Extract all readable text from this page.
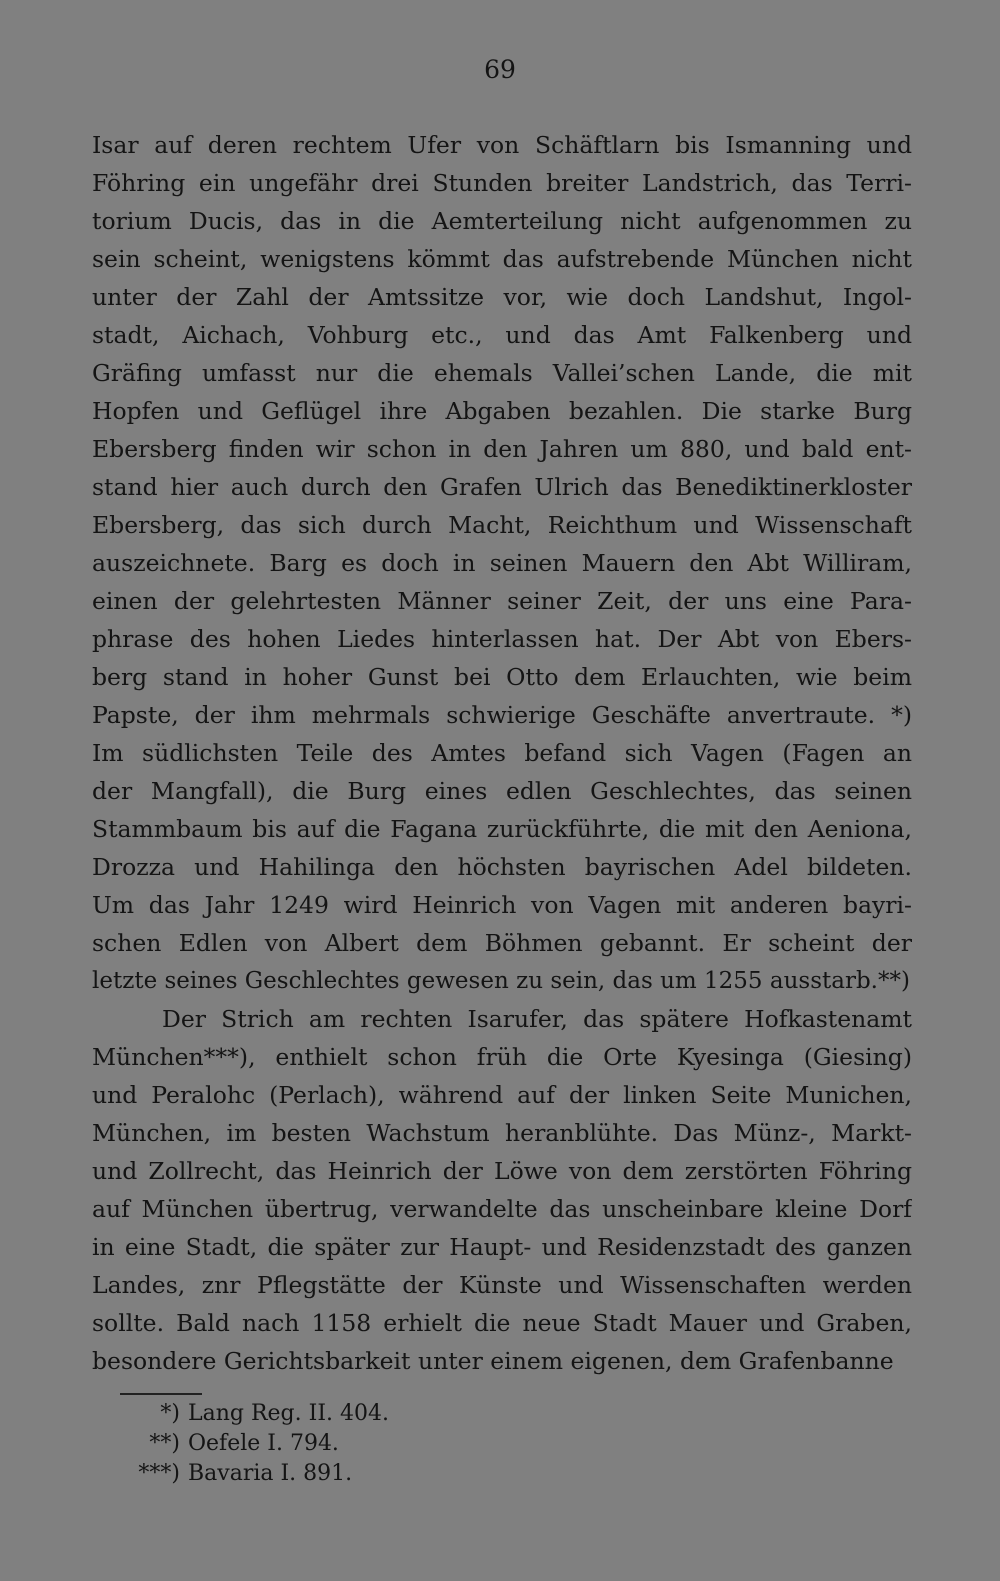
69
Isar auf deren rechtem Ufer von Schäftlarn bis Ismanning und
Föhring ein ungefähr drei Stunden breiter Landstrich, das Terri-
torium Ducis, das in die Aemterteilung nicht aufgenommen zu
sein scheint, wenigstens kömmt das aufstrebende München nicht
unter der Zahl der Amtssitze vor, wie doch Landshut, Ingol-
stadt, Aichach, Vohburg etc., und das Amt Falkenberg und
Gräfing umfasst nur die ehemals Vallei’schen Lande, die mit
Hopfen und Geflügel ihre Abgaben bezahlen. Die starke Burg
Ebersberg finden wir schon in den Jahren um 880, und bald ent-
stand hier auch durch den Grafen Ulrich das Benediktinerkloster
Ebersberg, das sich durch Macht, Reichthum und Wissenschaft
auszeichnete. Barg es doch in seinen Mauern den Abt Williram,
einen der gelehrtesten Männer seiner Zeit, der uns eine Para-
phrase des hohen Liedes hinterlassen hat. Der Abt von Ebers-
berg stand in hoher Gunst bei Otto dem Erlauchten, wie beim
Papste, der ihm mehrmals schwierige Geschäfte anvertraute. *)
Im südlichsten Teile des Amtes befand sich Vagen (Fagen an
der Mangfall), die Burg eines edlen Geschlechtes, das seinen
Stammbaum bis auf die Fagana zurückführte, die mit den Aeniona,
Drozza und Hahilinga den höchsten bayrischen Adel bildeten.
Um das Jahr 1249 wird Heinrich von Vagen mit anderen bayri-
schen Edlen von Albert dem Böhmen gebannt. Er scheint der
letzte seines Geschlechtes gewesen zu sein, das um 1255 ausstarb.**)
Der Strich am rechten Isarufer, das spätere Hofkastenamt
München***), enthielt schon früh die Orte Kyesinga (Giesing)
und Peralohc (Perlach), während auf der linken Seite Munichen,
München, im besten Wachstum heranblühte. Das Münz-, Markt-
und Zollrecht, das Heinrich der Löwe von dem zerstörten Föhring
auf München übertrug, verwandelte das unscheinbare kleine Dorf
in eine Stadt, die später zur Haupt- und Residenzstadt des ganzen
Landes, znr Pflegstätte der Künste und Wissenschaften werden
sollte. Bald nach 1158 erhielt die neue Stadt Mauer und Graben,
besondere Gerichtsbarkeit unter einem eigenen, dem Grafenbanne
*) Lang Reg. II. 404.
**) Oefele I. 794.
***) Bavaria I. 891.
